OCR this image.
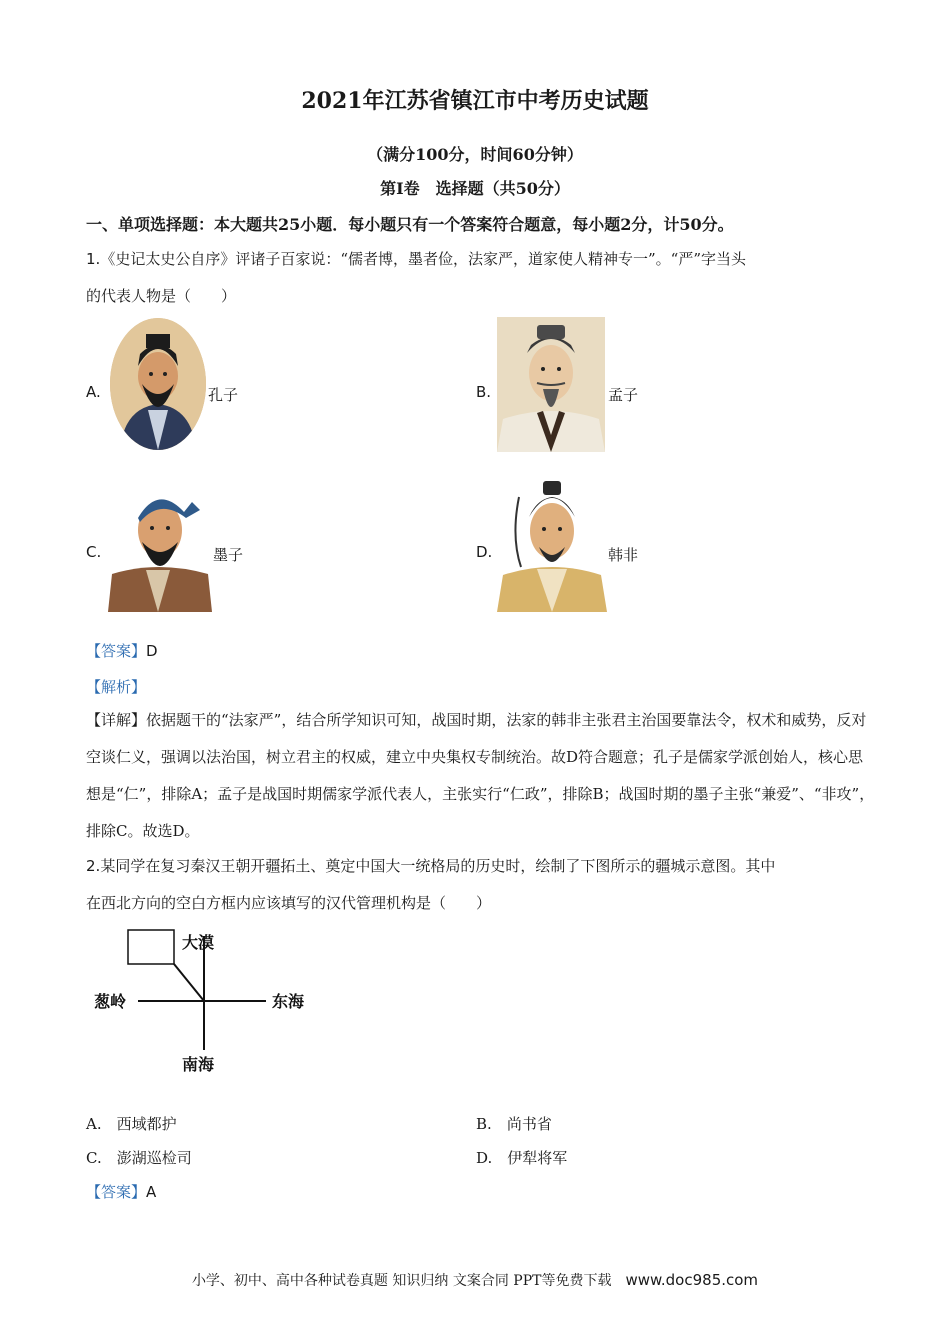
2021年江苏省镇江市中考历史试题
（满分100分，时间60分钟）
第Ⅰ卷　选择题（共50分）
一、单项选择题：本大题共25小题．每小题只有一个答案符合题意，每小题2分，计50分。
1.《史记太史公自序》评诸子百家说：“儒者博，墨者俭，法家严，道家使人精神专一”。“严”字当头
的代表人物是（　　）
A.	孔子	B.	孟子
C.	墨子	D.	韩非
【答案】D
【解析】
【详解】依据题干的“法家严”，结合所学知识可知，战国时期，法家的韩非主张君主治国要靠法令，权术和威势，反对空谈仁义，强调以法治国，树立君主的权威，建立中央集权专制统治。故D符合题意；孔子是儒家学派创始人，核心思想是“仁”，排除A；孟子是战国时期儒家学派代表人，主张实行“仁政”，排除B；战国时期的墨子主张“兼爱”、“非攻”，排除C。故选D。
2.某同学在复习秦汉王朝开疆拓土、奠定中国大一统格局的历史时，绘制了下图所示的疆城示意图。其中
在西北方向的空白方框内应该填写的汉代管理机构是（　　）
大漠
葱岭	东海
南海
A.　 西域都护	B.　 尚书省
C.　 澎湖巡检司	D.　 伊犁将军
【答案】A
小学、初中、高中各种试卷真题 知识归纳 文案合同 PPT等免费下载 www.doc985.com
